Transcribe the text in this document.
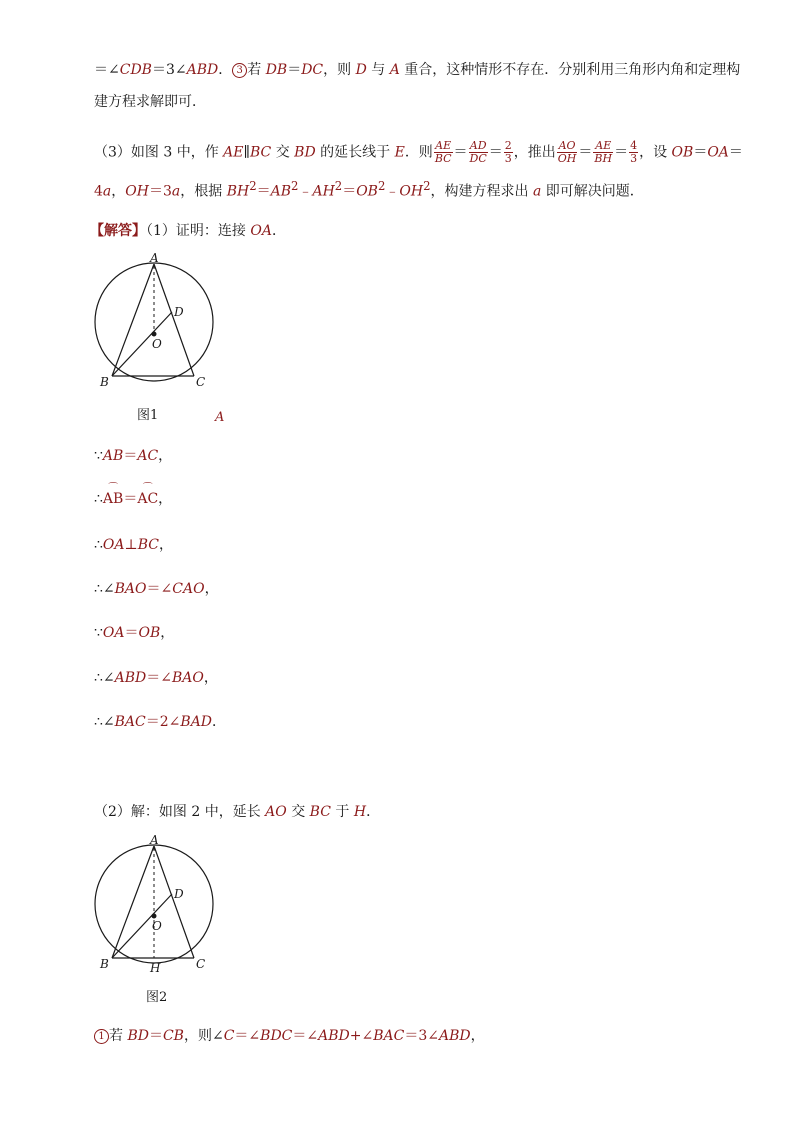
＝∠CDB＝3∠ABD． 3 若 DB＝DC，则 D 与 A 重合，这种情形不存在．分别利用三角形内角和定理构
建方程求解即可．
（3）如图 3 中，作 AE∥BC 交 BD 的延长线于 E．则 $\frac{AE}{BC} = \frac{AD}{DC} = \frac{2}{3}$ ，推出 $\frac{AO}{OH} = \frac{AE}{BH} = \frac{4}{3}$ ，设 OB＝OA＝
4a，OH＝3a，根据 $BH^2=AB^2﹣AH^2=OB^2﹣OH^2$，构建方程求出 a 即可解决问题．
【解答】（1）证明：连接 OA．
A
D
O
B	C
图1	A
∵AB＝AC，
∴⌒ AB＝⌒ AC，
∴OA⊥BC，
∴∠BAO＝∠CAO，
∵OA＝OB，
∴∠ABD＝∠BAO，
∴∠BAC＝2∠BAD．
（2）解：如图 2 中，延长 AO 交 BC 于 H．
A
D
O
B	H	C
图2
1 若 BD＝CB，则∠C＝∠BDC＝∠ABD+∠BAC＝3∠ABD，
